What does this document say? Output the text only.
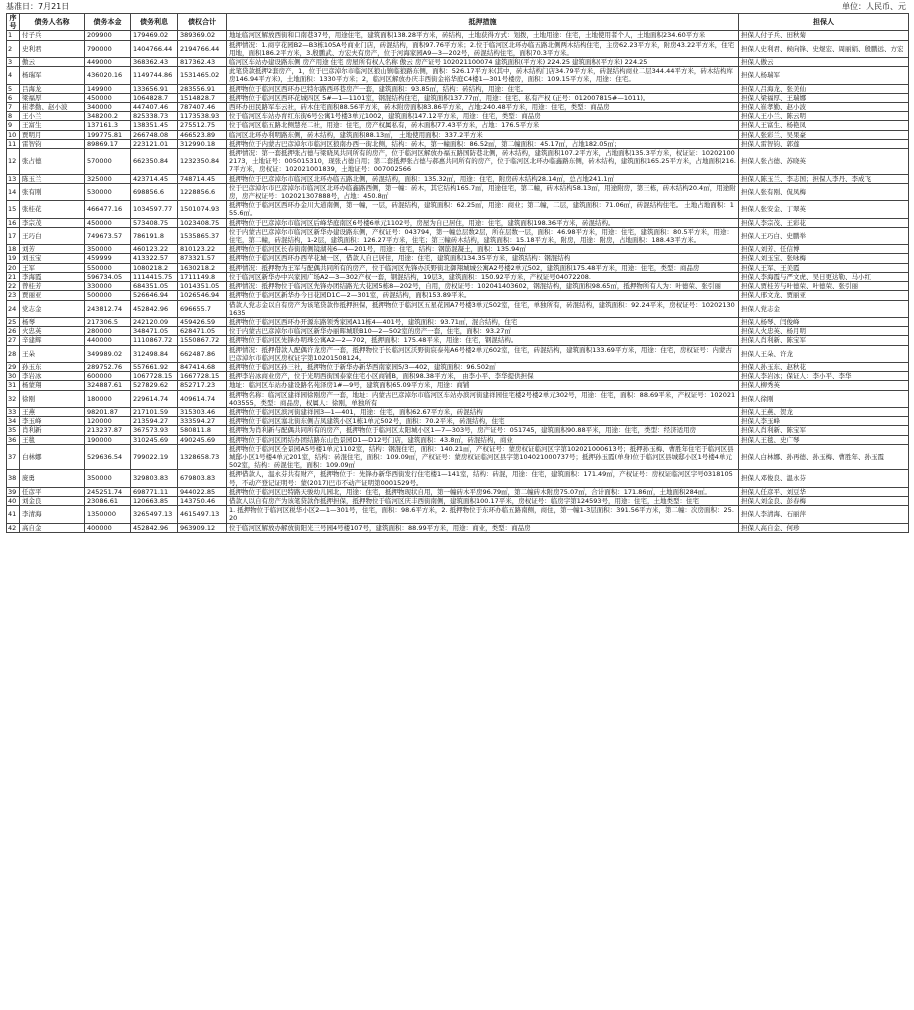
基准日：7月21日	单位：人民币、元
序号	债务人名称	债务本金	债务利息	债权合计	抵押措施	担保人
1	付子兵	209900	179469.02	389369.02	地址临河区解放西街和口南巷37号，用途住宅，建筑面积138.28平方米，砖结构，土地获得方式：划拨，土地用途：住宅，土地使用者个人，土地面积234.60平方米	担保人付子兵、田秋菊
2	史利君	790000	1404766.44	2194766.44	抵押情况：1.商亨花园B2—B3栋105A号商业门店，砖混结构，面积97.76平方米；2.位于临河区北环办临五路北侧两木结构住宅，主房62.23平方米，附房43.22平方米，住宅用地，面积186.2平方米，3.殷鹏武、方宏夫有房产，位于河海家园A9—3—202号，砖混结构住宅，面积70.3平方米。	担保人史利君、候向锋、史煜宏、周丽娟、殷鹏远、方宏
3	傲云	449000	368362.43	817362.43	临河区车站办建设路东侧 房产用途 住宅 房屋所有权人名称 傲云 房产证号 102021100074 建筑面积(平方米) 224.25 建筑面积(平方米) 224.25	担保人傲云
4	杨瑞军	436020.16	1149744.86	1531465.02	此笔贷款抵押2套房产，1，位于巴彦淖尔市临河区狼山镇临狼路东侧，面积：526.17平方米(其中，砖木结构门店34.79平方米，砖混结构商业二层344.44平方米，砖木结构库房146.94平方米)，土地面积：1330平方米；2，临河区解放办庆丰西街金裕华庭C4楼1—301号楼房，面积：109.15平方米，用途：住宅。	担保人杨瑞军
5	吕海龙	149900	133656.91	283556.91	抵押物位于临河区西环办巴特尔路西环巷房产一套，建筑面积：93.85㎡，结构：砖结构，用途：住宅。	担保人吕海龙、张美仙
6	梁福厚	450000	1064828.7	1514828.7	抵押物位于临河区西环花城四区 5#—1—1101室，钢混结构住宅，建筑面积137.77㎡，用途：住宅、私有产权 (正号：012007815#—1011)。	担保人梁福厚、王瑞娜
7	崔孝勤、赵小波	340000	447407.46	787407.46	西环办田民路军车云社，砖木住宅面积88.56平方米，砖木附房面积83.86平方米，占地:240.48平方米，用途：住宅，类型：商品房	担保人崔孝勤、赵小波
8	王小兰	348200.2	825338.73	1173538.93	位于临河区车站办育红东街6号公寓1号楼3单元1002，建筑面积147.12平方米，用途：住宅，类型：商品房	担保人王小兰、陈云明
9	王富生	137161.3	138351.45	275512.75	位于临河区临五路北侧慧亮二社，用途：住宅，房产权属私有，砖木面积77.43平方米，占地：176.5平方米	担保人王富生、杨艳凤
10	贾明月	199775.81	266748.08	466523.89	临河区北环办利明路东侧，砖木结构，建筑面积88.13㎡， 土地使用面积：337.2平方米	担保人张彩兰、吴果豪
11	雷智钧	89869.17	223121.01	312990.18	抵押物位于内蒙古巴彦淖尔市临河区狼南办西一街北侧，结构：砖木，第一幢面积：86.52㎡，第二幢面积：45.17㎡，占地182.05㎡；	担保人雷智钧、郭莲
12	张占德	570000	662350.84	1232350.84	抵押情况：第一套抵押张占德与梁晓凤共同所有的房产，位于临河区解放办福五路国防巷北侧，砖木结构，建筑面积107.2平方米，占地面积135.3平方米，权证证：102021002173，土地证号：005015310，现张占德自用；第二套抵押张占德与郝惠共同所有的房产，位于临河区北环办临鑫路东侧，砖木结构，建筑面积165.25平方米，占地面积216.7平方米，房权证：102021001839，土地证号：007002566	担保人张占德、苏晓英
13	陈玉兰	325000	423714.45	748714.45	抵押物位于巴彦淖尔市临河区北环办临五路北侧，砖混结构，面积：135.32㎡，用途：住宅，附房砖木结构28.14㎡，总占地241.1㎡	担保人陈玉兰、李志国；担保人李丹、李成飞
14	张有刚	530000	698856.6	1228856.6	位于巴彦淖尔市巴彦淖尔市临河区北环办临鑫路西侧，第一幢：砖木，其它结构165.7㎡，用途住宅，第二幢，砖木结构58.13㎡，用途附房，第三栋，砖木结构20.4㎡，用途附房，房产权证号：102021307888号，占地：450.8㎡	担保人张有刚、侃凤梅
15	张桂花	466477.16	1034597.77	1501074.93	抵押物位于临河区西环办金川大道南侧，第一幢，一层，砖混结构，建筑面积：62.25㎡，用途：商业；第二幢，二层，建筑面积：71.06㎡，砖混结构住宅。 土地占地面积：155.6㎡。	担保人张安金、丁翠英
16	李宗茂	450000	573408.75	1023408.75	抵押物位于巴彦淖尔市临河区后峰华庭南区6号楼6单元1102号，房屋为自已居住，用途：住宅，建筑面积198.36平方米，砖混结构。	担保人李宗茂、王彩花
17	王巧白	749673.57	786191.8	1535865.37	位于内蒙古巴彦淖尔市临河区新华办建设路东侧，产权证号：043794，第一幢总层数2层，所在层数一层，面积：46.98平方米，用途：住宅，建筑面积：80.5平方米，用途：住宅，第二幢，砖混结构，1-2层，建筑面积：126.27平方米，住宅；第三幢砖木结构，建筑面积：15.18平方米，附房，用途：附房，占地面积：188.43平方米。	担保人王巧白、史鹏举
18	刘芳	350000	460123.22	810123.22	抵押物位于临河区长春街南侧镜湖苑6—4—201号，用途：住宅，结构：钢筋混凝土，面积：135.94㎡	担保人刘芳、任信博
19	刘玉宝	459999	413322.57	873321.57	抵押物位于临河区西环办西苹花城一区，借款人自已居住，用途：住宅，建筑面积134.35平方米，建筑结构：钢混结构	担保人刘玉宝、张咏梅
20	王军	550000	1080218.2	1630218.2	抵押情况：抵押物为王军与配偶共同所有的房产，位于临河区先锋办沃野街北御翔城城公寓A2号楼2单元502，建筑面积175.48平方米，用途：住宅，类型：商品房	担保人王军、王美霞
21	李海霞	596734.05	1114415.75	1711149.8	位于临河区新华办中兴家园广场A2—3—302产权一套，钢混结构，19层3，建筑面积：150.92平方米，产权证号04072208.	担保人李海霞与严文虎、吴日更达勒、马小红
22	曾桂芳	330000	684351.05	1014351.05	抵押情况：抵押物位于临河区先锋办团结路光大花园5栋8—202号，自用，房权证号：102041403602，钢混结构，建筑面积98.65㎡，抵押物所有人为：叶德荣、张引丽	担保人贾桂芳与叶德荣、叶德荣、张引丽
23	贾丽亚	500000	526646.94	1026546.94	抵押物位于临河区新华办今日花园D1C—2—301室，砖混结构，面积153.89平米。	担保人邢文龙、贾丽亚
24	党志金	243812.74	452842.96	696655.7	借款人党志金以自有房产为该笔贷款作抵押担保，抵押物位于临河区五星花园A7号楼3单元502室，住宅，单独所有，砖混结构，建筑面积：92.24平米，房权证号：102021301635	担保人党志金
25	杨琴	217306.5	242120.09	459426.59	抵押物位于临河区西环办开源东路领秀家园A11栋4—401号，建筑面积：93.71㎡，混合结构，住宅	担保人杨琴、闫俊峰
26	火忠英	280000	348471.05	628471.05	位于内蒙古巴彦淖尔市临河区新华办丽晖城联B10—2—502室的房产一套，住宅，面积：93.27㎡	担保人火忠英、杨月明
27	辛建辉	440000	1110867.72	1550867.72	抵押物位于临河区先锋办明珠公寓A2—2—702，抵押面积：175.48平米，用途：住宅，钢混结构。	担保人肖利新、陈宝军
28	王朵	349989.02	312498.84	662487.86	抵押情况：抵押借款人配偶许龙房产一套，抵押物位于长临河区沃野街宸泰苑A6号楼2单元602室，住宅，砖混结构，建筑面积133.69平方米，用途：住宅，房权证号：内蒙古巴彦淖尔市临河区房权证字第10201508124。	担保人王朵、许龙
29	孙玉东	289752.76	557661.92	847414.68	抵押物位于临河区孙三社，抵押物位于新华办新华西南家园5/3—402，建筑面积：96.502㎡	担保人孙玉东、赵秋花
30	李岩冰	600000	1067728.15	1667728.15	抵押李岩冰商业房产，位于光明西街国泰家住宅小区商铺B，面积98.38平方米， 由李小平、李华提供担保	担保人李岩冰；保证人：李小平、李华
31	杨蒙翔	324887.61	527829.62	852717.23	地址：临河区车站办建设路名苑泽房1#—9号，建筑面积65.09平方米，用途：商铺	担保人柳秀英
32	徐刚	180000	229614.74	409614.74	抵押物名称：临河区建祥园徐刚房产一套，地址：内蒙古巴彦淖尔市临河区车站办滨河街建祥园住宅楼2号楼2单元302号，用途：住宅，面积：88.69平米，产权证号：102021403555，类型：商品房，权属人：徐刚，单独所有	担保人徐刚
33	王燕	98201.87	217101.59	315303.46	抵押物位于临河区滨河街建祥园3—1—401，用途：住宅，面积62.67平方米，砖混结构	担保人王燕、贺龙
34	李玉峰	120000	213594.27	333594.27	抵押物位于临河区塞北街东侧吉凤建筑小区1栋1单元502号，面积：70.2平米，砖混结构，住宅	担保人李玉峰
35	肖利新	213237.87	367573.93	580811.8	抵押物为肖利新与配偶共同所有的房产，抵押物位于临河区太阳城小区1—7—303号，房产证号：051745，建筑面积90.88平米，用途：住宅，类型：经济适用房	担保人肖利新、陈宝军
36	王毯	190000	310245.69	490245.69	抵押物位于临河区团结办团结路东山色景园D1—D12号门店，建筑面积：43.8㎡，砖混结构，商业	担保人王毯、史广琴
37	白林娜	529636.54	799022.19	1328658.73	抵押物位于临河区全景园A5号楼1单元1102室，结构：钢混住宅，面积：140.21㎡，产权证号：蒙房权证临河区字第102021000613号；抵押孙玉梅、曹胜年住宅于临河区县城邸小区1号楼4单元201室，结构：砖混住宅，面积：109.09㎡，产权证号：蒙房权证临河区县字第104021000737号；抵押孙玉霞(单身)位于临河区县城邸小区1号楼4单元502室，结构：砖混住宅，面积：109.09㎡	担保人白林娜、孙再德、孙玉梅、曹胜年、孙玉霞
38	庞勇	350000	329803.83	679803.83	抵押借款人，温永芬共有财产，抵押物位于：先锋办新华西街发行住宅楼1—141室，结构：砖混，用途：住宅，建筑面积：171.49㎡，产权证号：房权证临河区字号0318105号，不动产登记证明号：蒙(2017)巴市不动产证明第0001529号。	担保人邓俊良、温永芬
39	任彦平	245251.74	698771.11	944022.85	抵押物位于临河区巴特路天骏幼儿园北，用途：住宅，抵押物现状自用，第一幢砖木平房96.79㎡，第二幢砖木附房75.07㎡，合计面积：171.86㎡，土地面积284㎡。	担保人任彦平、刘豆华
40	刘金良	23086.61	120663.85	143750.46	借款人以自有房产为该笔贷款作抵押担保，抵押物位于临河区庆丰西街南侧，建筑面积100.17平米，房权证号：临房字第124593号，用途：住宅，土地类型：住宅	担保人刘金良、彭春梅
41	李清海	1350000	3265497.13	4615497.13	1. 抵押物位于临河区税华小区2—1—301号，住宅，面积：98.6平方米，2. 抵押物位于东环办临五路南侧，商住，第一幢1-3层面积：391.56平方米，第二幢：次房面积：25.20	担保人李清海、石丽萍
42	高自金	400000	452842.96	963909.12	位于临河区解放办解放街阳光三号园4号楼107号，建筑面积：88.99平方米，用途：商业，类型：商品房	担保人高自金、何珍
